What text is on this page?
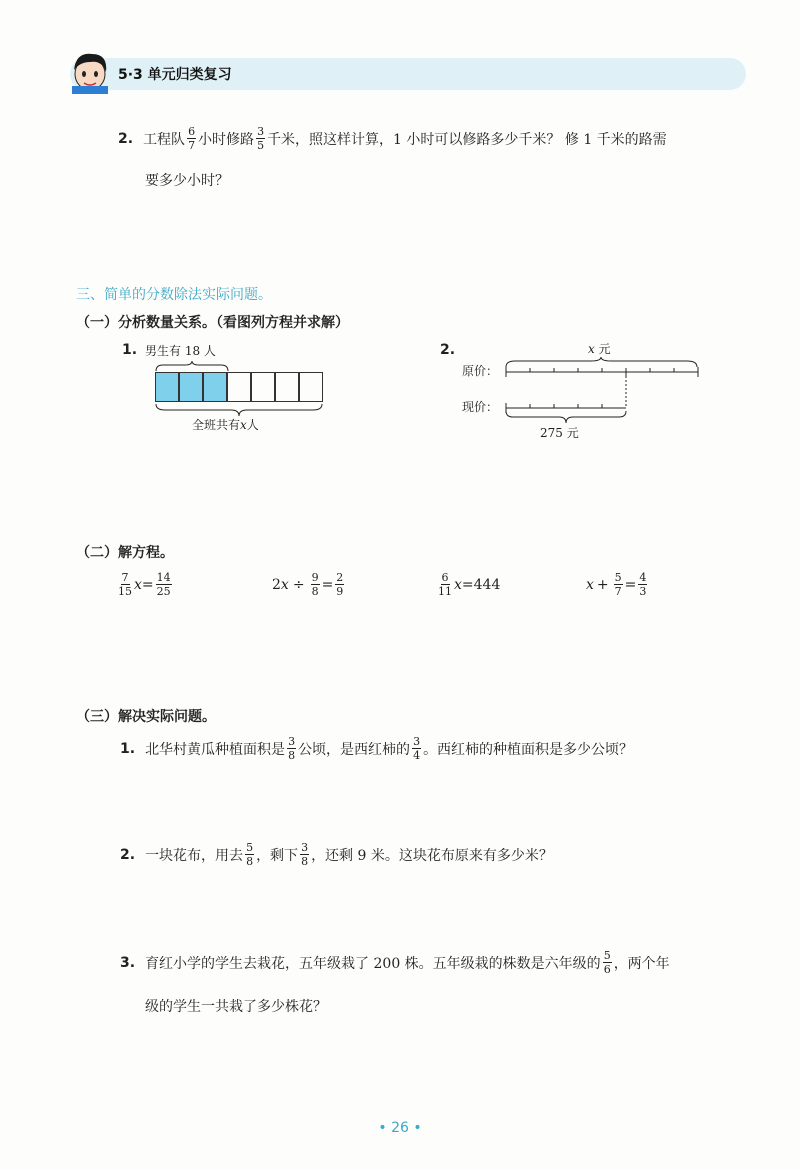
5·3 单元归类复习
2. 工程队 $\frac{6}{7}$ 小时修路 $\frac{3}{5}$ 千米，照这样计算，1 小时可以修路多少千米？ 修 1 千米的路需
要多少小时？
三、简单的分数除法实际问题。
（一）分析数量关系。（看图列方程并求解）
1. 男生有 18 人
全班共有x人
2.	x 元
原价：
现价：
275 元
（二）解方程。
$\frac{7}{15}$ $x = \frac{14}{25}$	2 $x \div \frac{9}{8} = \frac{2}{9}$	$\frac{6}{11}$ x =444	$x + \frac{5}{7} = \frac{4}{3}$
（三）解决实际问题。
1. 北华村黄瓜种植面积是 $\frac{3}{8}$ 公顷，是西红柿的 $\frac{3}{4}$ 。西红柿的种植面积是多少公顷？
2. 一块花布，用去 $\frac{5}{8}$ ，剩下 $\frac{3}{8}$ ，还剩 9 米。这块花布原来有多少米？
3. 育红小学的学生去栽花，五年级栽了 200 株。五年级栽的株数是六年级的 $\frac{5}{6}$ ，两个年
级的学生一共栽了多少株花？
• 26 •
